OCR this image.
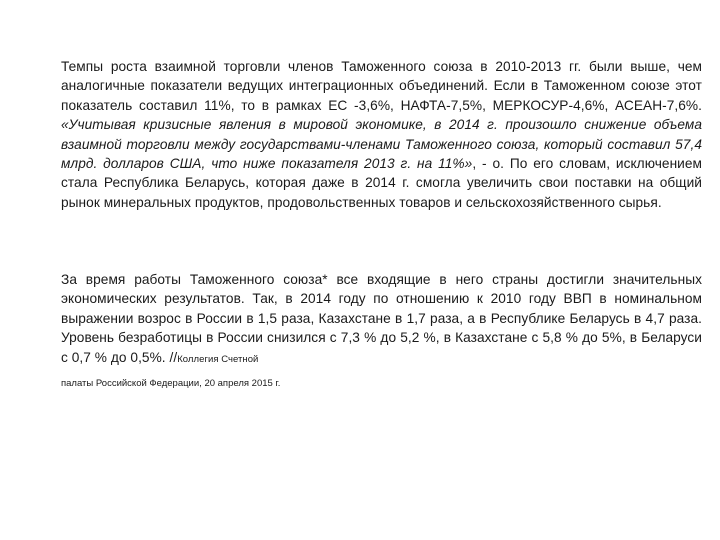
Темпы роста взаимной торговли членов Таможенного союза в 2010-2013 гг. были выше, чем аналогичные показатели ведущих интеграционных объединений. Если в Таможенном союзе этот показатель составил 11%, то в рамках ЕС -3,6%, НАФТА-7,5%, МЕРКОСУР-4,6%, АСЕАН-7,6%. «Учитывая кризисные явления в мировой экономике, в 2014 г. произошло снижение объема взаимной торговли между государствами-членами Таможенного союза, который составил 57,4 млрд. долларов США, что ниже показателя 2013 г. на 11%», - о. По его словам, исключением стала Республика Беларусь, которая даже в 2014 г. смогла увеличить свои поставки на общий рынок минеральных продуктов, продовольственных товаров и сельскохозяйственного сырья.

За время работы Таможенного союза* все входящие в него страны достигли значительных экономических результатов. Так, в 2014 году по отношению к 2010 году ВВП в номинальном выражении возрос в России в 1,5 раза, Казахстане в 1,7 раза, а в Республике Беларусь в 4,7 раза. Уровень безработицы в России снизился с 7,3 % до 5,2 %, в Казахстане с 5,8 % до 5%, в Беларуси с 0,7 % до 0,5%. //Коллегия Счетной

палаты Российской Федерации, 20 апреля 2015 г.
